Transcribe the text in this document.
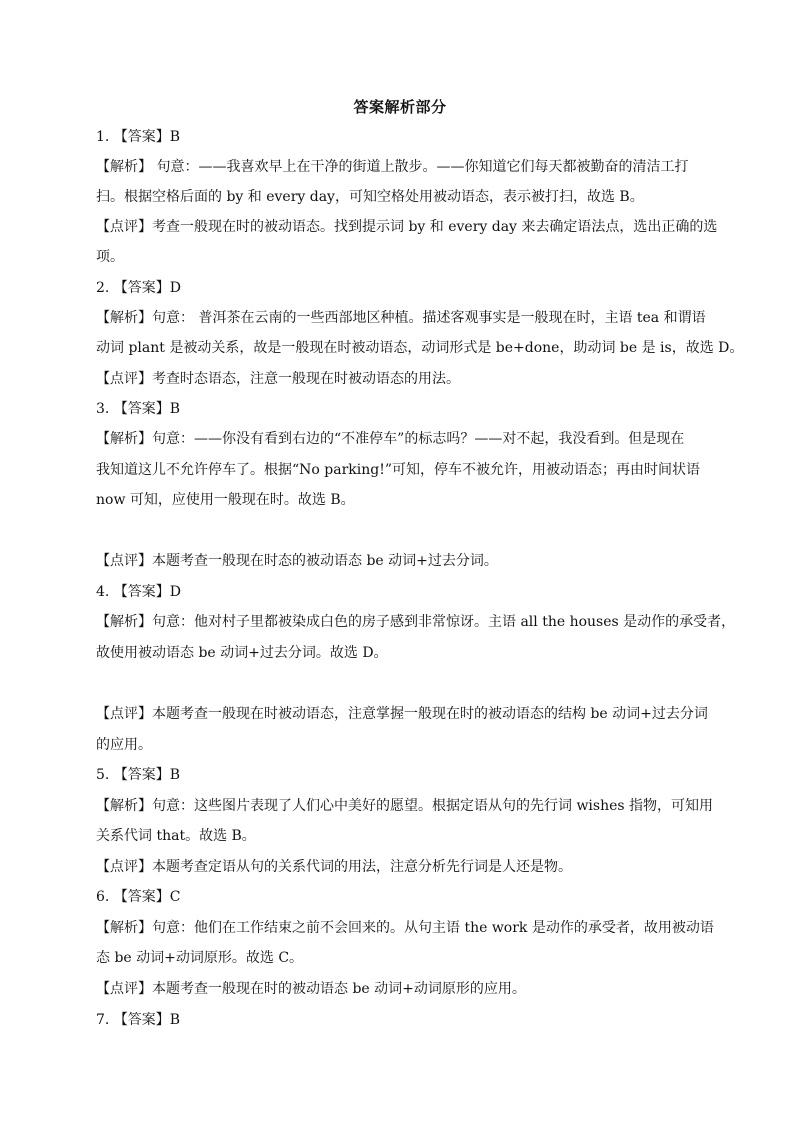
答案解析部分
1. 【答案】B
【解析】 句意：——我喜欢早上在干净的街道上散步。——你知道它们每天都被勤奋的清洁工打
扫。根据空格后面的 by 和 every day，可知空格处用被动语态，表示被打扫，故选 B。
【点评】考查一般现在时的被动语态。找到提示词 by 和 every day 来去确定语法点，选出正确的选
项。
2. 【答案】D
【解析】句意： 普洱茶在云南的一些西部地区种植。描述客观事实是一般现在时，主语 tea 和谓语
动词 plant 是被动关系，故是一般现在时被动语态，动词形式是 be+done，助动词 be 是 is，故选 D。
【点评】考查时态语态，注意一般现在时被动语态的用法。
3. 【答案】B
【解析】句意：——你没有看到右边的“不准停车”的标志吗？——对不起，我没看到。但是现在
我知道这儿不允许停车了。根据“No parking!”可知，停车不被允许，用被动语态；再由时间状语
now 可知，应使用一般现在时。故选 B。
【点评】本题考查一般现在时态的被动语态 be 动词+过去分词。
4. 【答案】D
【解析】句意：他对村子里都被染成白色的房子感到非常惊讶。主语 all the houses 是动作的承受者，
故使用被动语态 be 动词+过去分词。故选 D。
【点评】本题考查一般现在时被动语态，注意掌握一般现在时的被动语态的结构 be 动词+过去分词
的应用。
5. 【答案】B
【解析】句意：这些图片表现了人们心中美好的愿望。根据定语从句的先行词 wishes 指物，可知用
关系代词 that。故选 B。
【点评】本题考查定语从句的关系代词的用法，注意分析先行词是人还是物。
6. 【答案】C
【解析】句意：他们在工作结束之前不会回来的。从句主语 the work 是动作的承受者，故用被动语
态 be 动词+动词原形。故选 C。
【点评】本题考查一般现在时的被动语态 be 动词+动词原形的应用。
7. 【答案】B
